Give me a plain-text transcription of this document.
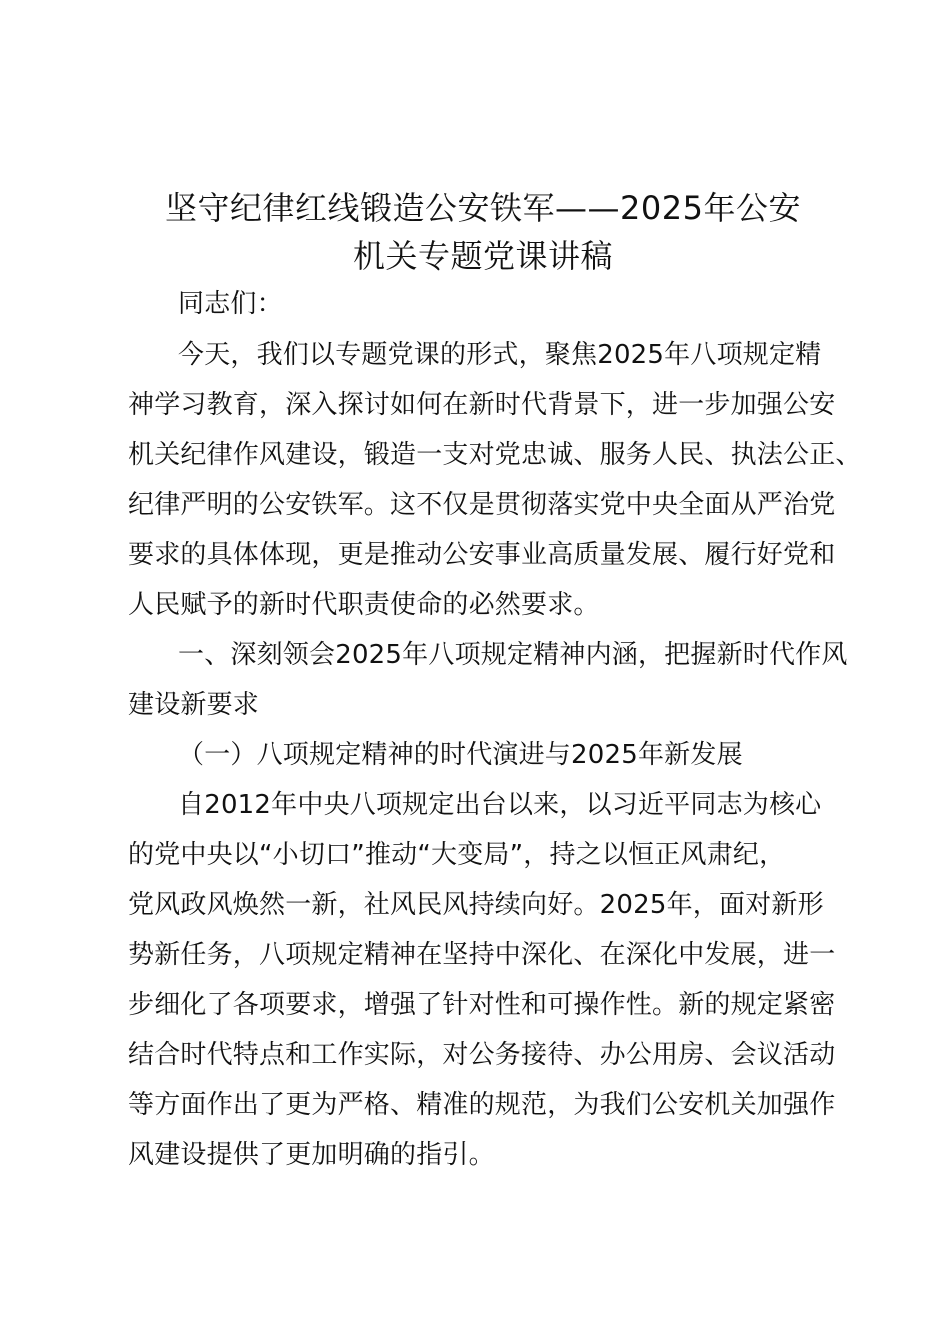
坚守纪律红线锻造公安铁军——2025年公安
机关专题党课讲稿
同志们：
今天，我们以专题党课的形式，聚焦2025年八项规定精
神学习教育，深入探讨如何在新时代背景下，进一步加强公安
机关纪律作风建设，锻造一支对党忠诚、服务人民、执法公正、
纪律严明的公安铁军。这不仅是贯彻落实党中央全面从严治党
要求的具体体现，更是推动公安事业高质量发展、履行好党和
人民赋予的新时代职责使命的必然要求。
一、深刻领会2025年八项规定精神内涵，把握新时代作风
建设新要求
（一）八项规定精神的时代演进与2025年新发展
自2012年中央八项规定出台以来，以习近平同志为核心
的党中央以“小切口”推动“大变局”，持之以恒正风肃纪，
党风政风焕然一新，社风民风持续向好。2025年，面对新形
势新任务，八项规定精神在坚持中深化、在深化中发展，进一
步细化了各项要求，增强了针对性和可操作性。新的规定紧密
结合时代特点和工作实际，对公务接待、办公用房、会议活动
等方面作出了更为严格、精准的规范，为我们公安机关加强作
风建设提供了更加明确的指引。
